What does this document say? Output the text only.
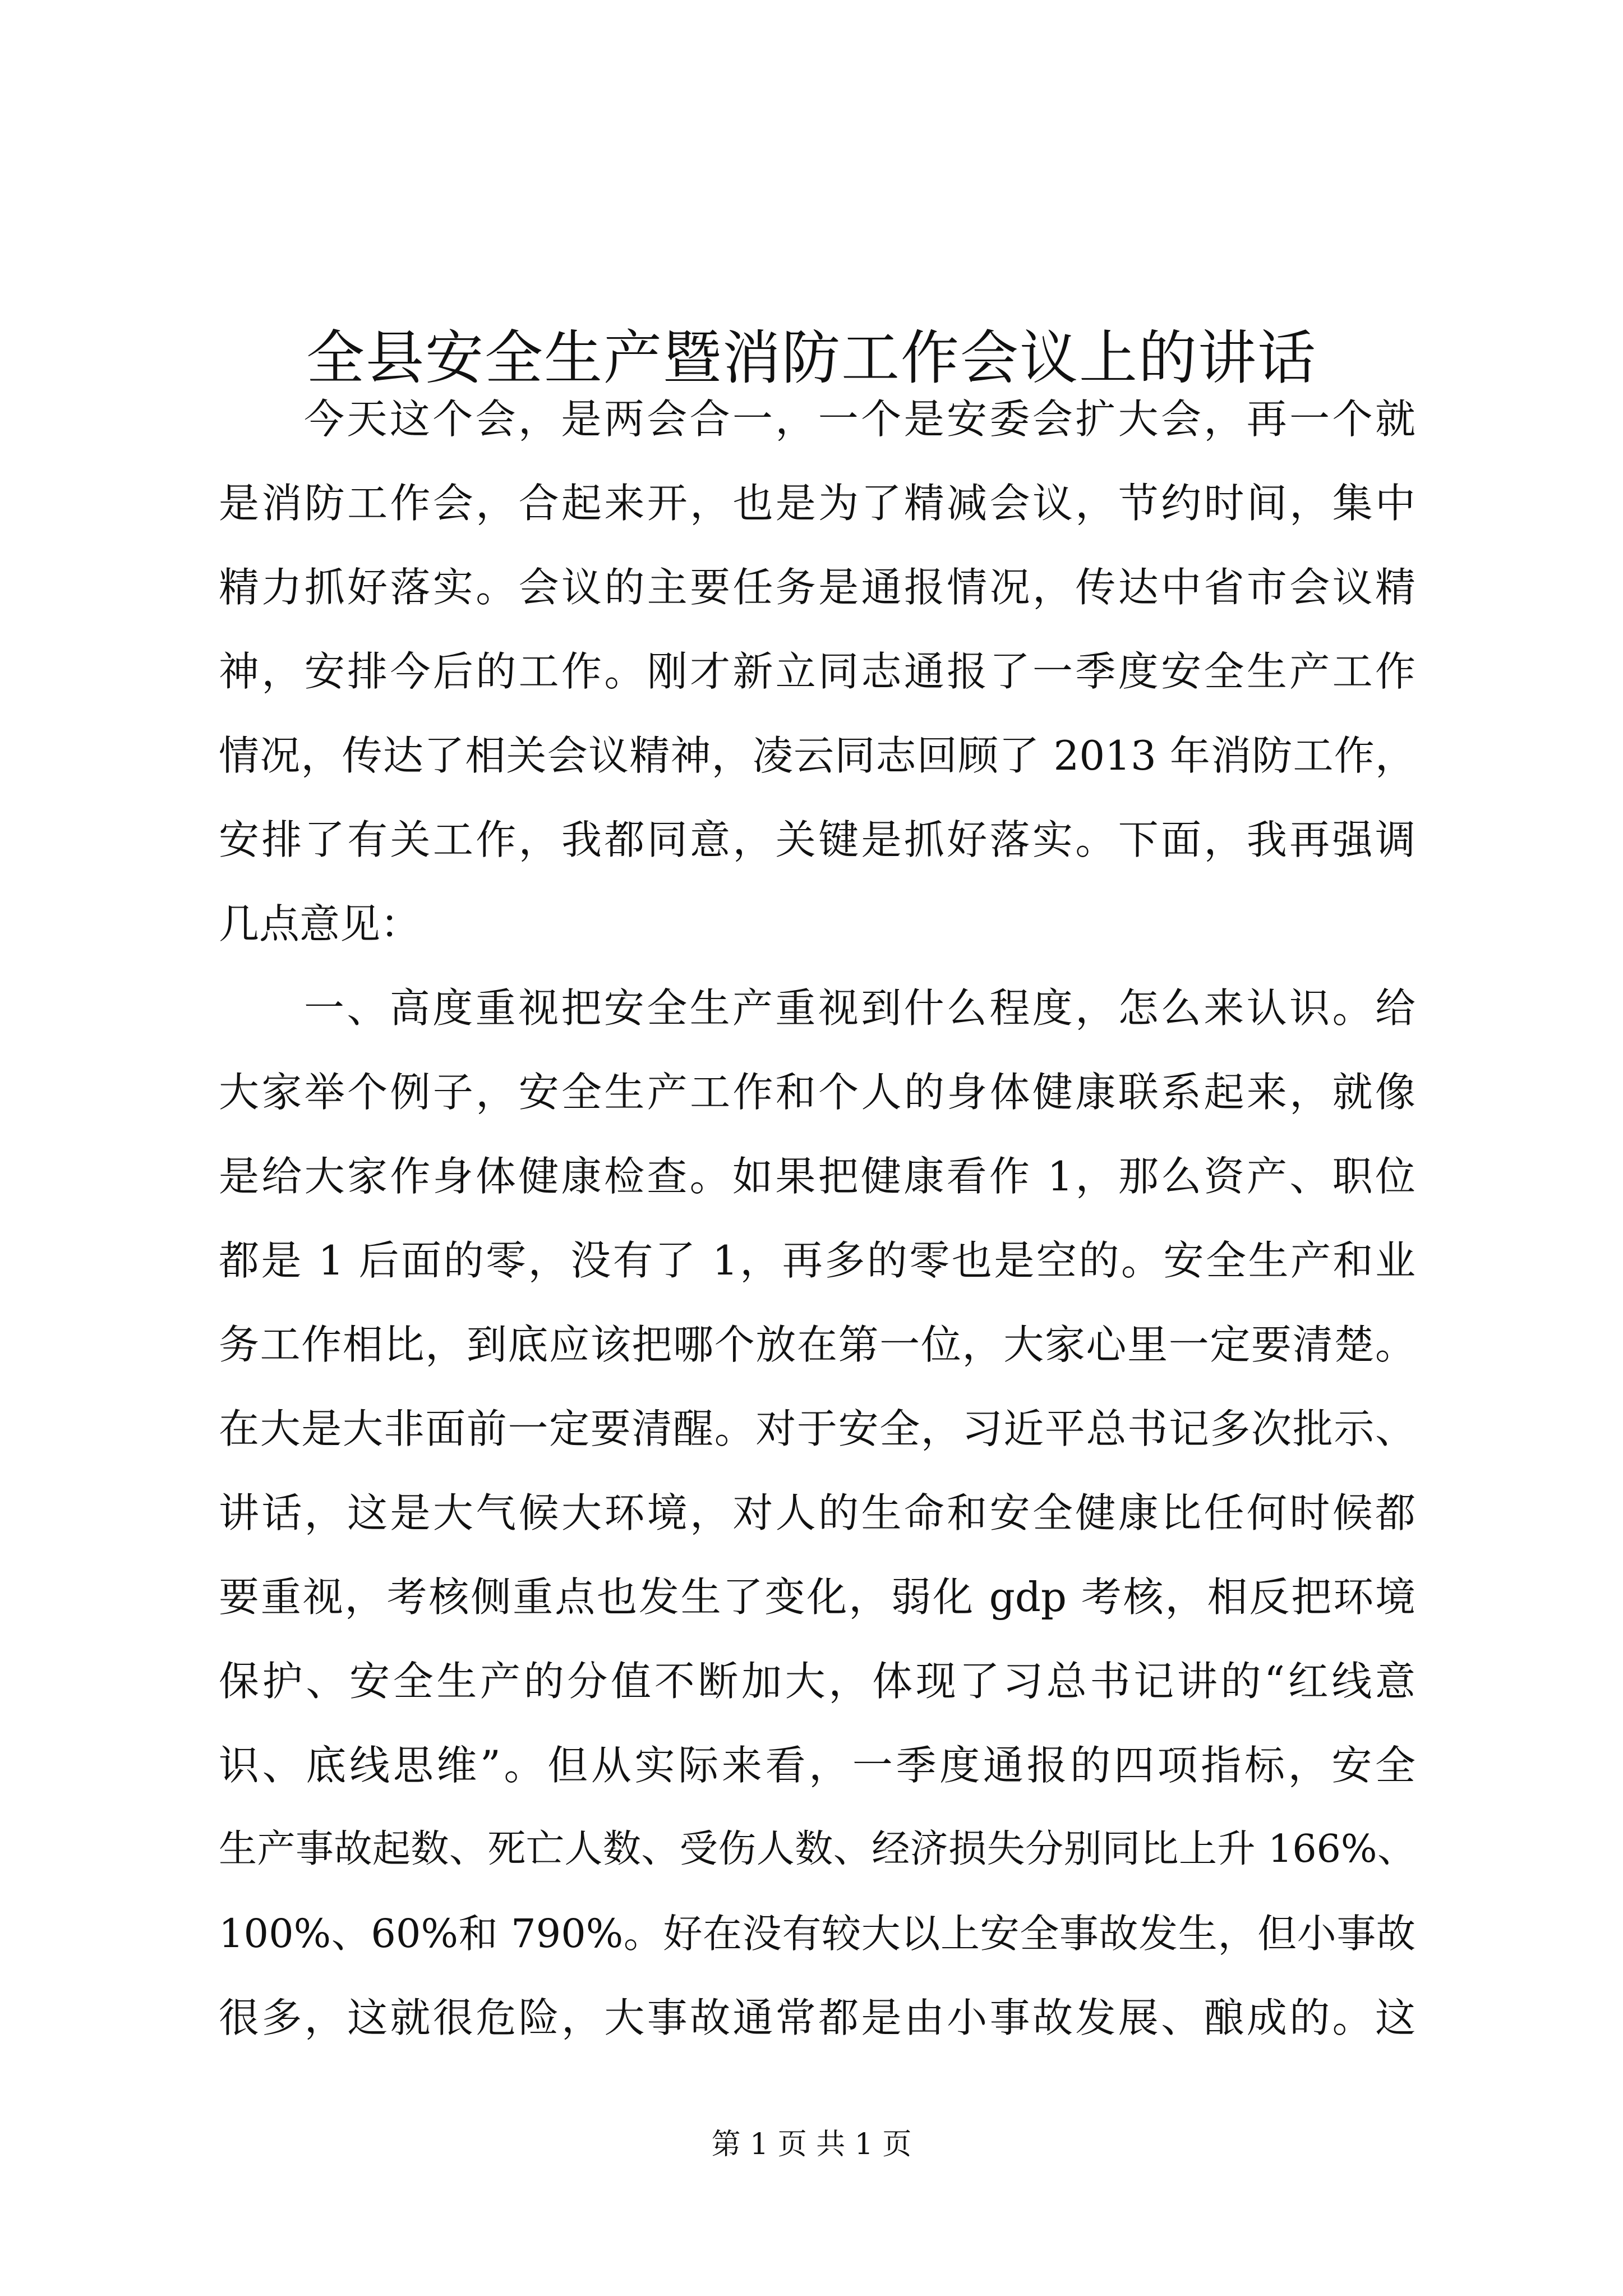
全县安全生产暨消防工作会议上的讲话
今天这个会，是两会合一，一个是安委会扩大会，再一个就
是消防工作会，合起来开，也是为了精减会议，节约时间，集中
精力抓好落实。会议的主要任务是通报情况，传达中省市会议精
神，安排今后的工作。刚才新立同志通报了一季度安全生产工作
情况，传达了相关会议精神，凌云同志回顾了 2013 年消防工作，
安排了有关工作，我都同意，关键是抓好落实。下面，我再强调
几点意见：
一、高度重视把安全生产重视到什么程度，怎么来认识。给
大家举个例子，安全生产工作和个人的身体健康联系起来，就像
是给大家作身体健康检查。如果把健康看作 1，那么资产、职位
都是 1 后面的零，没有了 1，再多的零也是空的。安全生产和业
务工作相比，到底应该把哪个放在第一位，大家心里一定要清楚。
在大是大非面前一定要清醒。对于安全，习近平总书记多次批示、
讲话，这是大气候大环境，对人的生命和安全健康比任何时候都
要重视，考核侧重点也发生了变化，弱化 gdp 考核，相反把环境
保护、安全生产的分值不断加大，体现了习总书记讲的“红线意
识、底线思维”。但从实际来看，一季度通报的四项指标，安全
生产事故起数、死亡人数、受伤人数、经济损失分别同比上升 166%、
100%、60%和 790%。好在没有较大以上安全事故发生，但小事故
很多，这就很危险，大事故通常都是由小事故发展、酿成的。这
第 1 页 共 1 页
